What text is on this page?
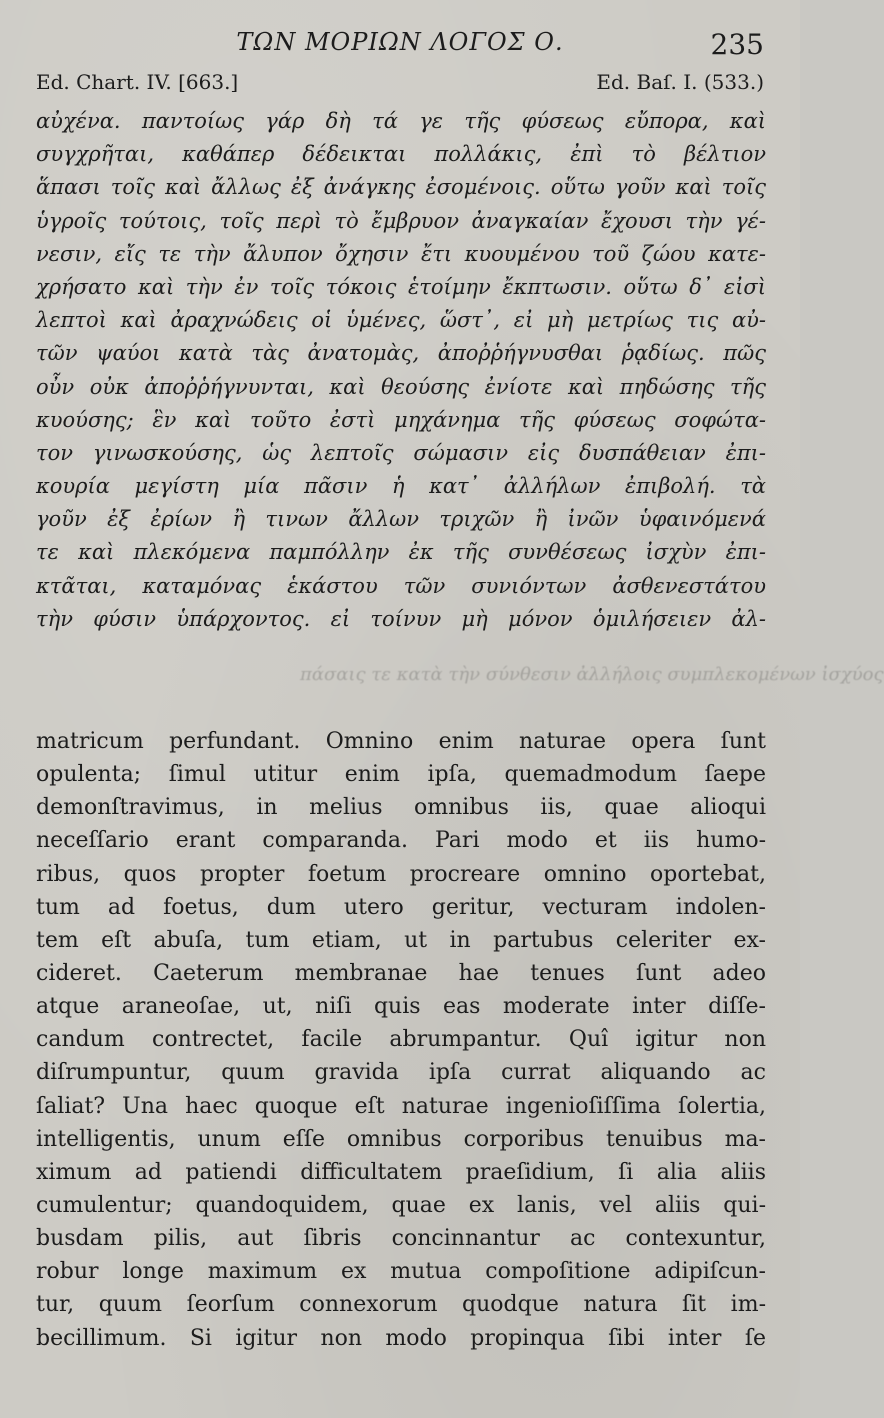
ΤΩΝ ΜΟΡΙΩΝ ΛΟΓΟΣ Ο.	235
Ed. Chart. IV. [663.]	Ed. Baſ. I. (533.)
αὐχένα. παντοίως γάρ δὴ τά γε τῆς φύσεως εὔπορα, καὶ
συγχρῆται, καθάπερ δέδεικται πολλάκις, ἐπὶ τὸ βέλτιον
ἅπασι τοῖς καὶ ἄλλως ἐξ ἀνάγκης ἐσομένοις. οὕτω γοῦν καὶ τοῖς
ὑγροῖς τούτοις, τοῖς περὶ τὸ ἔμβρυον ἀναγκαίαν ἔχουσι τὴν γέ-
νεσιν, εἴς τε τὴν ἄλυπον ὄχησιν ἔτι κυουμένου τοῦ ζώου κατε-
χρήσατο καὶ τὴν ἐν τοῖς τόκοις ἑτοίμην ἔκπτωσιν. οὕτω δ᾽ εἰσὶ
λεπτοὶ καὶ ἀραχνώδεις οἱ ὑμένες, ὥστ᾽, εἰ μὴ μετρίως τις αὐ-
τῶν ψαύοι κατὰ τὰς ἀνατομὰς, ἀποῤῥήγνυσθαι ῥᾳδίως. πῶς
οὖν οὐκ ἀποῤῥήγνυνται, καὶ θεούσης ἐνίοτε καὶ πηδώσης τῆς
κυούσης; ἓν καὶ τοῦτο ἐστὶ μηχάνημα τῆς φύσεως σοφώτα-
τον γινωσκούσης, ὡς λεπτοῖς σώμασιν εἰς δυσπάθειαν ἐπι-
κουρία μεγίστη μία πᾶσιν ἡ κατ᾽ ἀλλήλων ἐπιβολή. τὰ
γοῦν ἐξ ἐρίων ἢ τινων ἄλλων τριχῶν ἢ ἰνῶν ὑφαινόμενά
τε καὶ πλεκόμενα παμπόλλην ἐκ τῆς συνθέσεως ἰσχὺν ἐπι-
κτᾶται, καταμόνας ἑκάστου τῶν συνιόντων ἀσθενεστάτου
τὴν φύσιν ὑπάρχοντος. εἰ τοίνυν μὴ μόνον ὁμιλήσειεν ἀλ-
πάσαις τε κατὰ τὴν σύνθεσιν ἀλλήλοις συμπλεκομένων ἰσχύος
matricum perfundant. Omnino enim naturae opera ſunt
opulenta; ſimul utitur enim ipſa, quemadmodum ſaepe
demonſtravimus, in melius omnibus iis, quae alioqui
neceſſario erant comparanda. Pari modo et iis humo-
ribus, quos propter foetum procreare omnino oportebat,
tum ad foetus, dum utero geritur, vecturam indolen-
tem eſt abuſa, tum etiam, ut in partubus celeriter ex-
cideret. Caeterum membranae hae tenues ſunt adeo
atque araneoſae, ut, niſi quis eas moderate inter diſſe-
candum contrectet, facile abrumpantur. Quî igitur non
diſrumpuntur, quum gravida ipſa currat aliquando ac
ſaliat? Una haec quoque eſt naturae ingenioſiſſima ſolertia,
intelligentis, unum eſſe omnibus corporibus tenuibus ma-
ximum ad patiendi difficultatem praeſidium, ſi alia aliis
cumulentur; quandoquidem, quae ex lanis, vel aliis qui-
busdam pilis, aut ſibris concinnantur ac contexuntur,
robur longe maximum ex mutua compoſitione adipiſcun-
tur, quum ſeorſum connexorum quodque natura ſit im-
becillimum. Si igitur non modo propinqua ſibi inter ſe
